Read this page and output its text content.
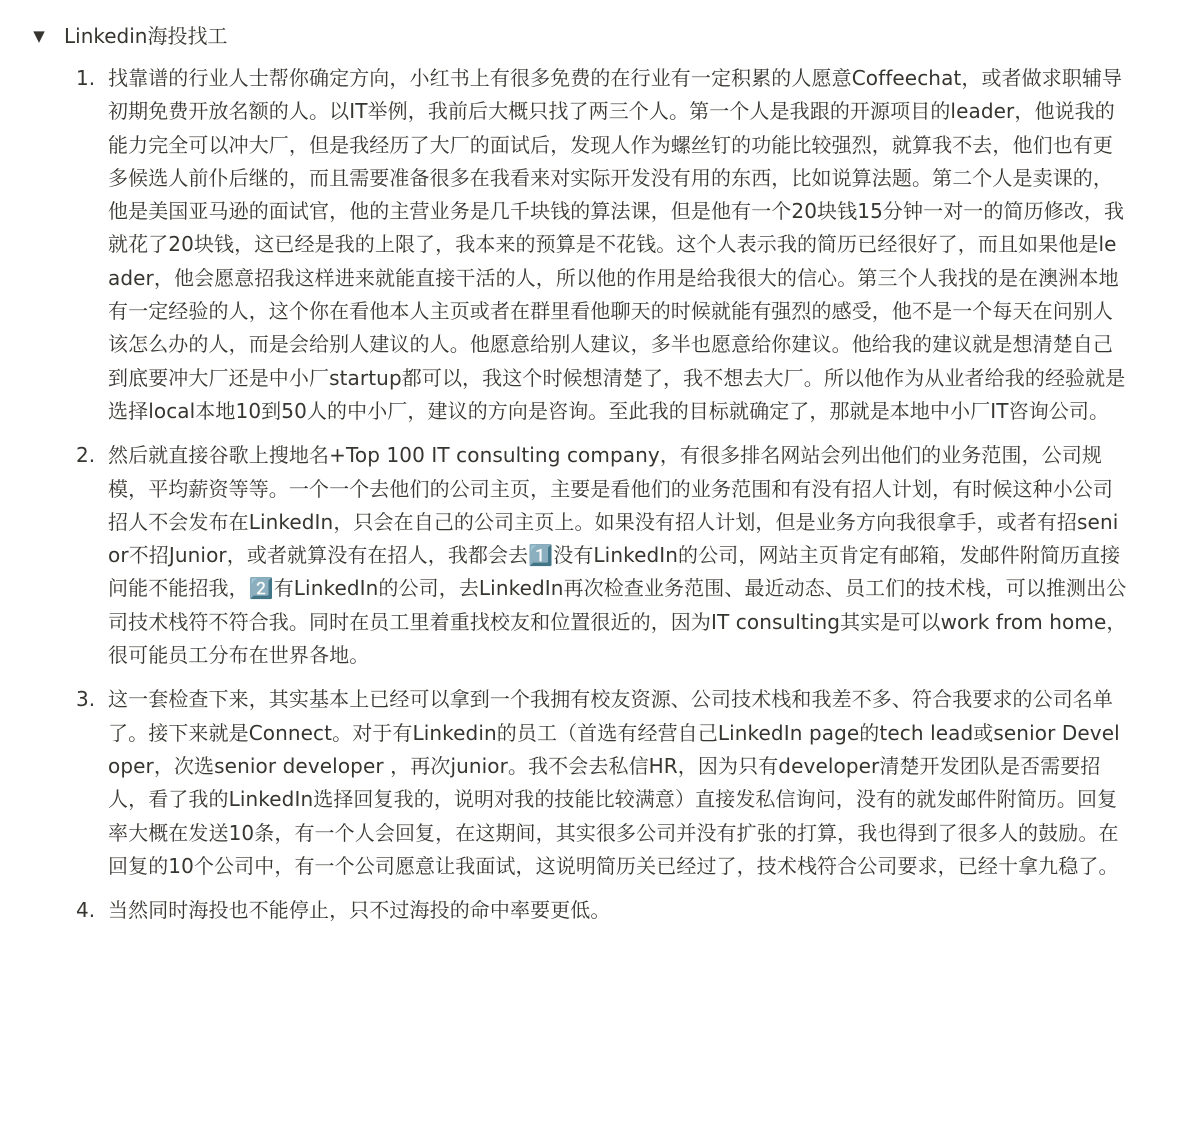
▼ Linkedin海投找工
1. 找靠谱的行业人士帮你确定方向，小红书上有很多免费的在行业有一定积累的人愿意Coffeechat，或者做求职辅导初期免费开放名额的人。以IT举例，我前后大概只找了两三个人。第一个人是我跟的开源项目的leader，他说我的能力完全可以冲大厂，但是我经历了大厂的面试后，发现人作为螺丝钉的功能比较强烈，就算我不去，他们也有更多候选人前仆后继的，而且需要准备很多在我看来对实际开发没有用的东西，比如说算法题。第二个人是卖课的，他是美国亚马逊的面试官，他的主营业务是几千块钱的算法课，但是他有一个20块钱15分钟一对一的简历修改，我就花了20块钱，这已经是我的上限了，我本来的预算是不花钱。这个人表示我的简历已经很好了，而且如果他是leader，他会愿意招我这样进来就能直接干活的人，所以他的作用是给我很大的信心。第三个人我找的是在澳洲本地有一定经验的人，这个你在看他本人主页或者在群里看他聊天的时候就能有强烈的感受，他不是一个每天在问别人该怎么办的人，而是会给别人建议的人。他愿意给别人建议，多半也愿意给你建议。他给我的建议就是想清楚自己到底要冲大厂还是中小厂startup都可以，我这个时候想清楚了，我不想去大厂。所以他作为从业者给我的经验就是选择local本地10到50人的中小厂，建议的方向是咨询。至此我的目标就确定了，那就是本地中小厂IT咨询公司。
2. 然后就直接谷歌上搜地名+Top 100 IT consulting company，有很多排名网站会列出他们的业务范围，公司规模，平均薪资等等。一个一个去他们的公司主页，主要是看他们的业务范围和有没有招人计划，有时候这种小公司招人不会发布在LinkedIn，只会在自己的公司主页上。如果没有招人计划，但是业务方向我很拿手，或者有招senior不招Junior，或者就算没有在招人，我都会去1️⃣没有LinkedIn的公司，网站主页肯定有邮箱，发邮件附简历直接问能不能招我，2️⃣有LinkedIn的公司，去LinkedIn再次检查业务范围、最近动态、员工们的技术栈，可以推测出公司技术栈符不符合我。同时在员工里着重找校友和位置很近的，因为IT consulting其实是可以work from home，很可能员工分布在世界各地。
3. 这一套检查下来，其实基本上已经可以拿到一个我拥有校友资源、公司技术栈和我差不多、符合我要求的公司名单了。接下来就是Connect。对于有Linkedin的员工（首选有经营自己LinkedIn page的tech lead或senior Developer，次选senior developer ，再次junior。我不会去私信HR，因为只有developer清楚开发团队是否需要招人，看了我的LinkedIn选择回复我的，说明对我的技能比较满意）直接发私信询问，没有的就发邮件附简历。回复率大概在发送10条，有一个人会回复，在这期间，其实很多公司并没有扩张的打算，我也得到了很多人的鼓励。在回复的10个公司中，有一个公司愿意让我面试，这说明简历关已经过了，技术栈符合公司要求，已经十拿九稳了。
4. 当然同时海投也不能停止，只不过海投的命中率要更低。
